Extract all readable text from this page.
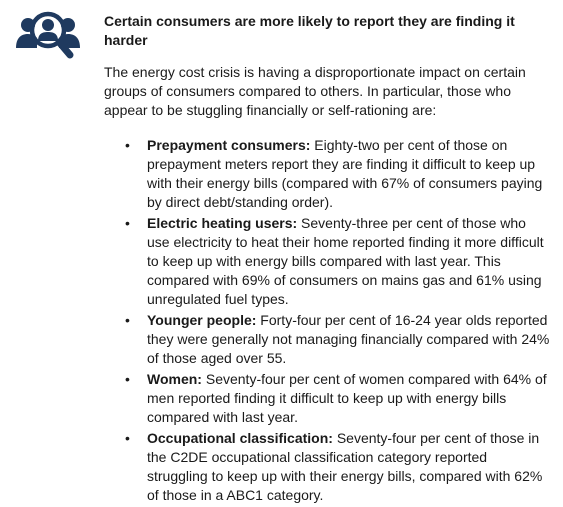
Certain consumers are more likely to report they are finding it harder

The energy cost crisis is having a disproportionate impact on certain groups of consumers compared to others. In particular, those who appear to be stuggling financially or self-rationing are:

• Prepayment consumers: Eighty-two per cent of those on prepayment meters report they are finding it difficult to keep up with their energy bills (compared with 67% of consumers paying by direct debt/standing order).
• Electric heating users: Seventy-three per cent of those who use electricity to heat their home reported finding it more difficult to keep up with energy bills compared with last year. This compared with 69% of consumers on mains gas and 61% using unregulated fuel types.
• Younger people: Forty-four per cent of 16-24 year olds reported they were generally not managing financially compared with 24% of those aged over 55.
• Women: Seventy-four per cent of women compared with 64% of men reported finding it difficult to keep up with energy bills compared with last year.
• Occupational classification: Seventy-four per cent of those in the C2DE occupational classification category reported struggling to keep up with their energy bills, compared with 62% of those in a ABC1 category.
